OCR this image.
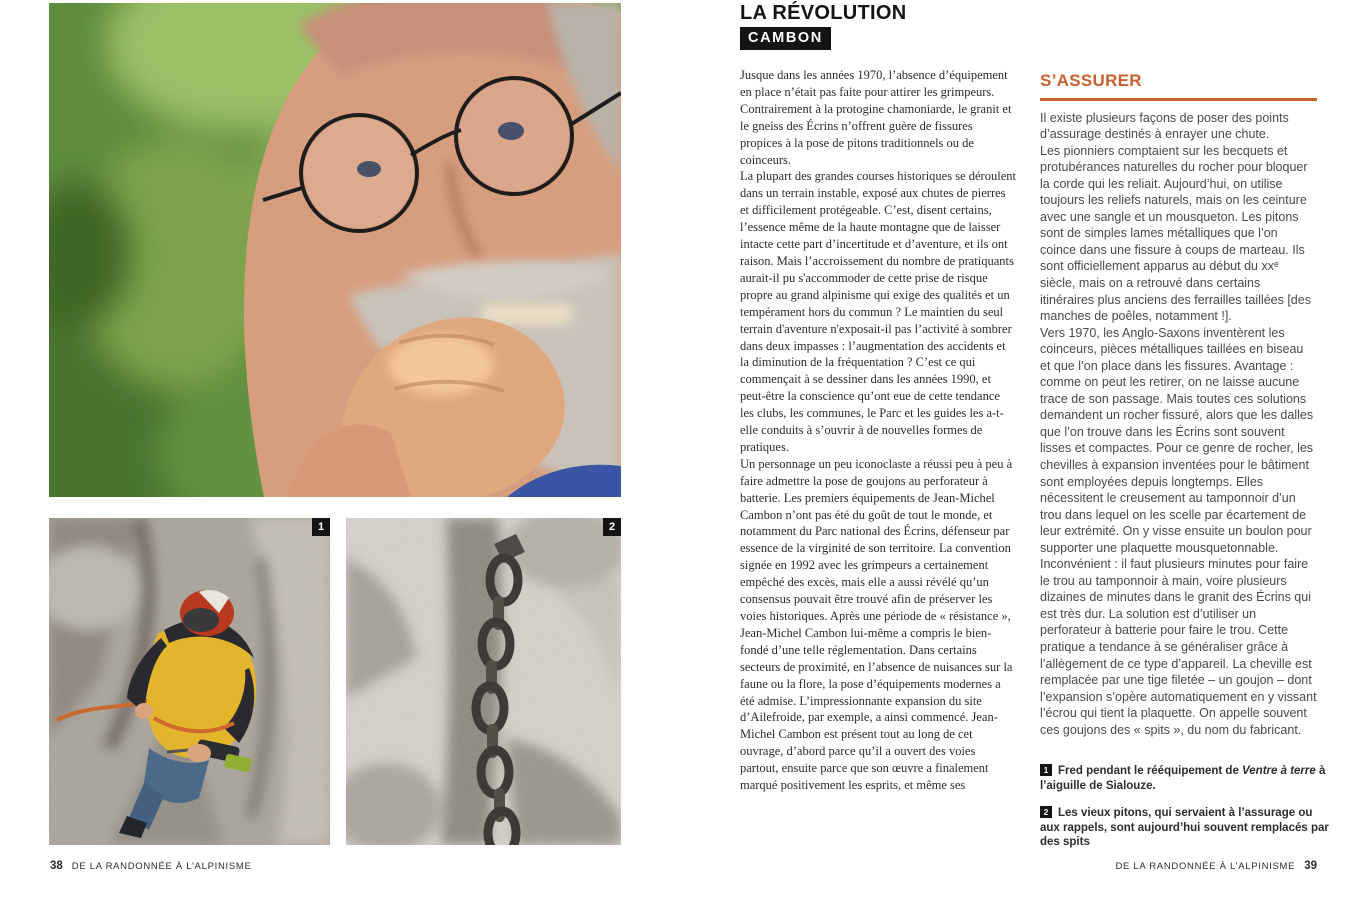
1	2
38 DE LA RANDONNÉE À L’ALPINISME
LA RÉVOLUTION
CAMBON

Jusque dans les années 1970, l’absence d’équipement en place n’était pas faite pour attirer les grimpeurs. Contrairement à la protogine chamoniarde, le granit et le gneiss des Écrins n’offrent guère de fissures propices à la pose de pitons traditionnels ou de coinceurs.

La plupart des grandes courses historiques se déroulent dans un terrain instable, exposé aux chutes de pierres et difficilement protégeable. C’est, disent certains, l’essence même de la haute montagne que de laisser intacte cette part d’incertitude et d’aventure, et ils ont raison. Mais l’accroissement du nombre de pratiquants aurait-il pu s'accommoder de cette prise de risque propre au grand alpinisme qui exige des qualités et un tempérament hors du commun ? Le maintien du seul terrain d'aventure n'exposait-il pas l’activité à sombrer dans deux impasses : l’augmentation des accidents et la diminution de la fréquentation ? C’est ce qui commençait à se dessiner dans les années 1990, et peut-être la conscience qu’ont eue de cette tendance les clubs, les communes, le Parc et les guides les a-t-elle conduits à s’ouvrir à de nouvelles formes de pratiques.

Un personnage un peu iconoclaste a réussi peu à peu à faire admettre la pose de goujons au perforateur à batterie. Les premiers équipements de Jean-Michel Cambon n’ont pas été du goût de tout le monde, et notamment du Parc national des Écrins, défenseur par essence de la virginité de son territoire. La convention signée en 1992 avec les grimpeurs a certainement empêché des excès, mais elle a aussi révélé qu’un consensus pouvait être trouvé afin de préserver les voies historiques. Après une période de « résistance », Jean-Michel Cambon lui-même a compris le bien-fondé d’une telle réglementation. Dans certains secteurs de proximité, en l’absence de nuisances sur la faune ou la flore, la pose d’équipements modernes a été admise. L’impressionnante expansion du site d’Ailefroide, par exemple, a ainsi commencé. Jean-Michel Cambon est présent tout au long de cet ouvrage, d’abord parce qu’il a ouvert des voies partout, ensuite parce que son œuvre a finalement marqué positivement les esprits, et même ses

S’ASSURER

Il existe plusieurs façons de poser des points d’assurage destinés à enrayer une chute.

Les pionniers comptaient sur les becquets et protubérances naturelles du rocher pour bloquer la corde qui les reliait. Aujourd’hui, on utilise toujours les reliefs naturels, mais on les ceinture avec une sangle et un mousqueton. Les pitons sont de simples lames métalliques que l’on coince dans une fissure à coups de marteau. Ils sont officiellement apparus au début du xxᵉ siècle, mais on a retrouvé dans certains itinéraires plus anciens des ferrailles taillées [des manches de poêles, notamment !].

Vers 1970, les Anglo-Saxons inventèrent les coinceurs, pièces métalliques taillées en biseau et que l’on place dans les fissures. Avantage : comme on peut les retirer, on ne laisse aucune trace de son passage. Mais toutes ces solutions demandent un rocher fissuré, alors que les dalles que l’on trouve dans les Écrins sont souvent lisses et compactes. Pour ce genre de rocher, les chevilles à expansion inventées pour le bâtiment sont employées depuis longtemps. Elles nécessitent le creusement au tamponnoir d’un trou dans lequel on les scelle par écartement de leur extrémité. On y visse ensuite un boulon pour supporter une plaquette mousquetonnable. Inconvénient : il faut plusieurs minutes pour faire le trou au tamponnoir à main, voire plusieurs dizaines de minutes dans le granit des Écrins qui est très dur. La solution est d’utiliser un perforateur à batterie pour faire le trou. Cette pratique a tendance à se généraliser grâce à l’allègement de ce type d’appareil. La cheville est remplacée par une tige filetée – un goujon – dont l’expansion s’opère automatiquement en y vissant l’écrou qui tient la plaquette. On appelle souvent ces goujons des « spits », du nom du fabricant.

1 Fred pendant le rééquipement de Ventre à terre à l’aiguille de Sialouze.
2 Les vieux pitons, qui servaient à l’assurage ou aux rappels, sont aujourd’hui souvent remplacés par des spits
DE LA RANDONNÉE À L’ALPINISME 39
